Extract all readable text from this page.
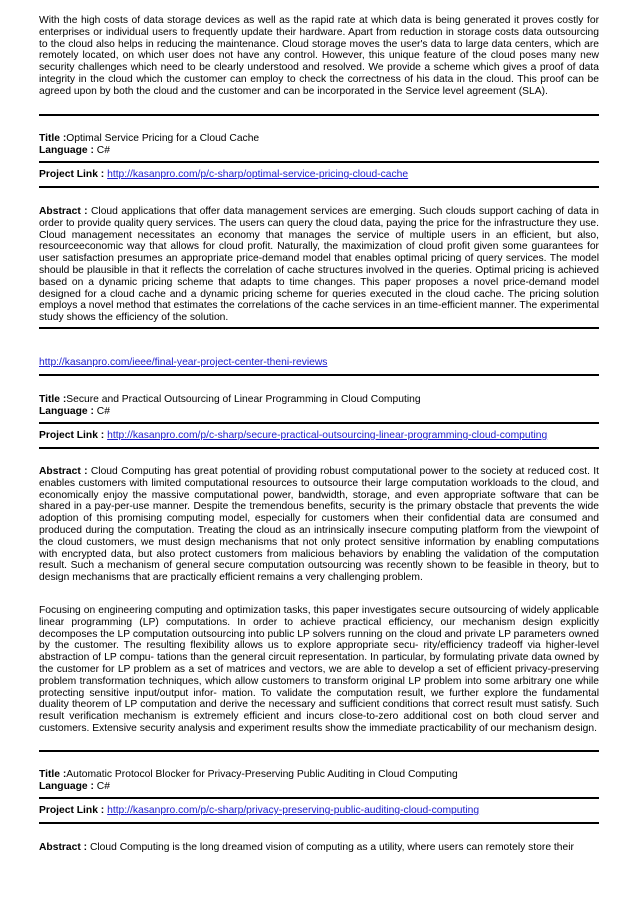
With the high costs of data storage devices as well as the rapid rate at which data is being generated it proves costly for enterprises or individual users to frequently update their hardware. Apart from reduction in storage costs data outsourcing to the cloud also helps in reducing the maintenance. Cloud storage moves the user's data to large data centers, which are remotely located, on which user does not have any control. However, this unique feature of the cloud poses many new security challenges which need to be clearly understood and resolved. We provide a scheme which gives a proof of data integrity in the cloud which the customer can employ to check the correctness of his data in the cloud. This proof can be agreed upon by both the cloud and the customer and can be incorporated in the Service level agreement (SLA).

Title :Optimal Service Pricing for a Cloud Cache
Language : C#
Project Link : http://kasanpro.com/p/c-sharp/optimal-service-pricing-cloud-cache

Abstract : Cloud applications that offer data management services are emerging. Such clouds support caching of data in order to provide quality query services. The users can query the cloud data, paying the price for the infrastructure they use. Cloud management necessitates an economy that manages the service of multiple users in an efficient, but also, resourceeconomic way that allows for cloud profit. Naturally, the maximization of cloud profit given some guarantees for user satisfaction presumes an appropriate price-demand model that enables optimal pricing of query services. The model should be plausible in that it reflects the correlation of cache structures involved in the queries. Optimal pricing is achieved based on a dynamic pricing scheme that adapts to time changes. This paper proposes a novel price-demand model designed for a cloud cache and a dynamic pricing scheme for queries executed in the cloud cache. The pricing solution employs a novel method that estimates the correlations of the cache services in an time-efficient manner. The experimental study shows the efficiency of the solution.

http://kasanpro.com/ieee/final-year-project-center-theni-reviews
Title :Secure and Practical Outsourcing of Linear Programming in Cloud Computing
Language : C#
Project Link : http://kasanpro.com/p/c-sharp/secure-practical-outsourcing-linear-programming-cloud-computing

Abstract : Cloud Computing has great potential of providing robust computational power to the society at reduced cost. It enables customers with limited computational resources to outsource their large computation workloads to the cloud, and economically enjoy the massive computational power, bandwidth, storage, and even appropriate software that can be shared in a pay-per-use manner. Despite the tremendous benefits, security is the primary obstacle that prevents the wide adoption of this promising computing model, especially for customers when their confidential data are consumed and produced during the computation. Treating the cloud as an intrinsically insecure computing platform from the viewpoint of the cloud customers, we must design mechanisms that not only protect sensitive information by enabling computations with encrypted data, but also protect customers from malicious behaviors by enabling the validation of the computation result. Such a mechanism of general secure computation outsourcing was recently shown to be feasible in theory, but to design mechanisms that are practically efficient remains a very challenging problem.

Focusing on engineering computing and optimization tasks, this paper investigates secure outsourcing of widely applicable linear programming (LP) computations. In order to achieve practical efficiency, our mechanism design explicitly decomposes the LP computation outsourcing into public LP solvers running on the cloud and private LP parameters owned by the customer. The resulting flexibility allows us to explore appropriate secu- rity/efficiency tradeoff via higher-level abstraction of LP compu- tations than the general circuit representation. In particular, by formulating private data owned by the customer for LP problem as a set of matrices and vectors, we are able to develop a set of efficient privacy-preserving problem transformation techniques, which allow customers to transform original LP problem into some arbitrary one while protecting sensitive input/output infor- mation. To validate the computation result, we further explore the fundamental duality theorem of LP computation and derive the necessary and sufficient conditions that correct result must satisfy. Such result verification mechanism is extremely efficient and incurs close-to-zero additional cost on both cloud server and customers. Extensive security analysis and experiment results show the immediate practicability of our mechanism design.

Title :Automatic Protocol Blocker for Privacy-Preserving Public Auditing in Cloud Computing
Language : C#
Project Link : http://kasanpro.com/p/c-sharp/privacy-preserving-public-auditing-cloud-computing

Abstract : Cloud Computing is the long dreamed vision of computing as a utility, where users can remotely store their
